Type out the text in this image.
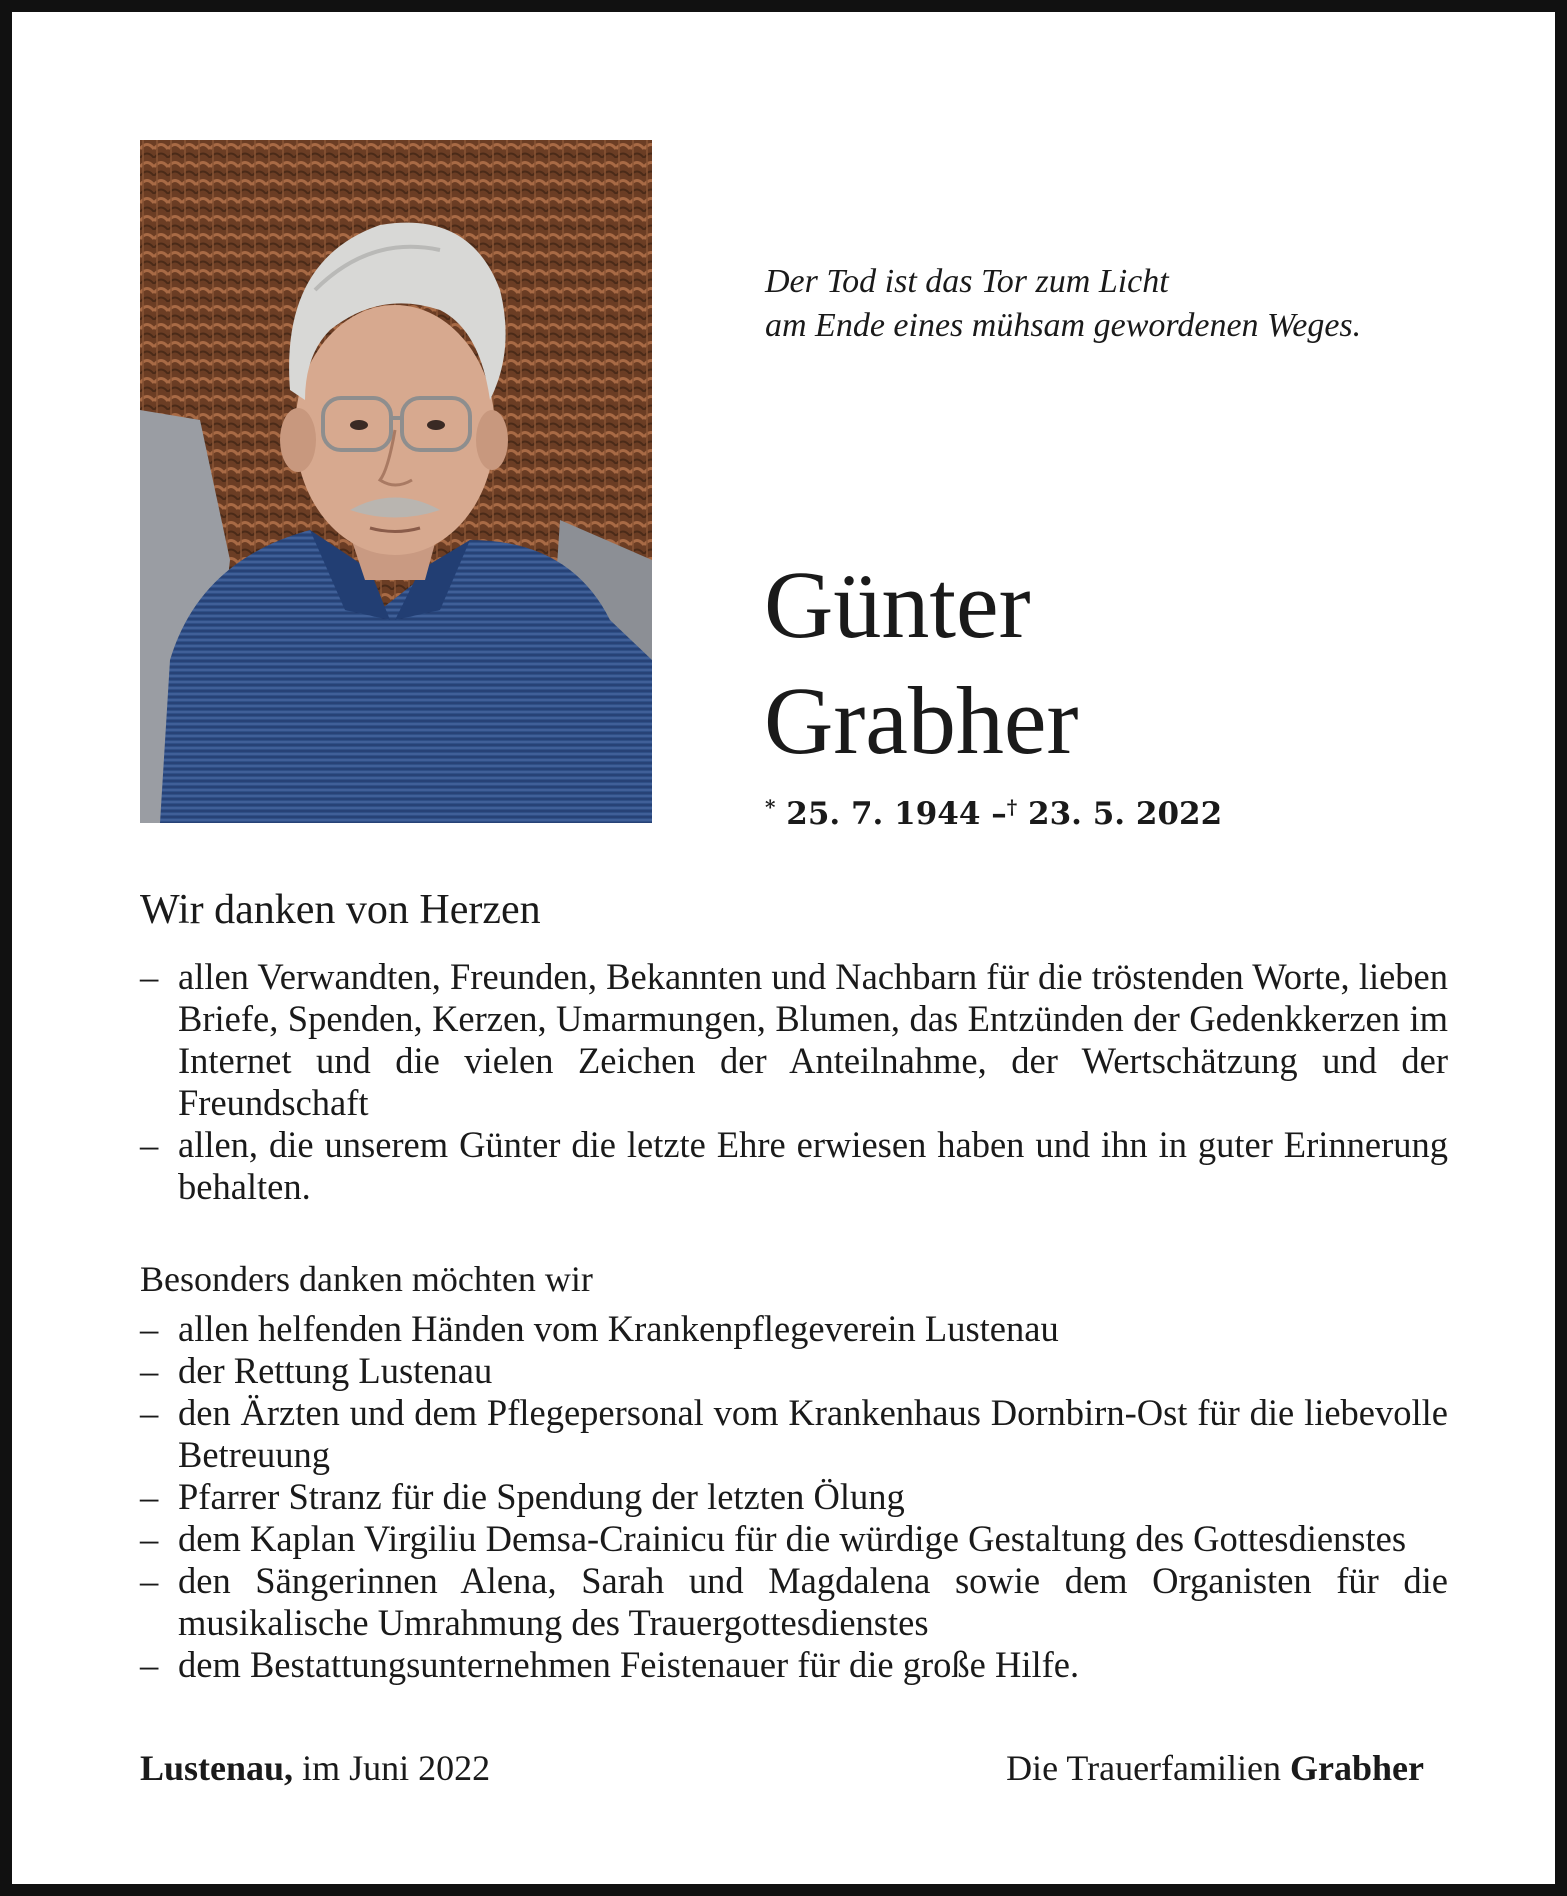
Der Tod ist das Tor zum Licht
am Ende eines mühsam gewordenen Weges.
Günter
Grabher
* 25. 7. 1944 –† 23. 5. 2022
Wir danken von Herzen
– allen Verwandten, Freunden, Bekannten und Nachbarn für die tröstenden Worte, lieben Briefe, Spenden, Kerzen, Umarmungen, Blumen, das Entzünden der Gedenkkerzen im Internet und die vielen Zeichen der Anteilnahme, der Wertschätzung und der Freundschaft
– allen, die unserem Günter die letzte Ehre erwiesen haben und ihn in guter Erinnerung behalten.
Besonders danken möchten wir
– allen helfenden Händen vom Krankenpflegeverein Lustenau
– der Rettung Lustenau
– den Ärzten und dem Pflegepersonal vom Krankenhaus Dornbirn-Ost für die liebevolle Betreuung
– Pfarrer Stranz für die Spendung der letzten Ölung
– dem Kaplan Virgiliu Demsa-Crainicu für die würdige Gestaltung des Gottesdienstes
– den Sängerinnen Alena, Sarah und Magdalena sowie dem Organisten für die musikalische Umrahmung des Trauergottesdienstes
– dem Bestattungsunternehmen Feistenauer für die große Hilfe.
Lustenau, im Juni 2022	Die Trauerfamilien Grabher
